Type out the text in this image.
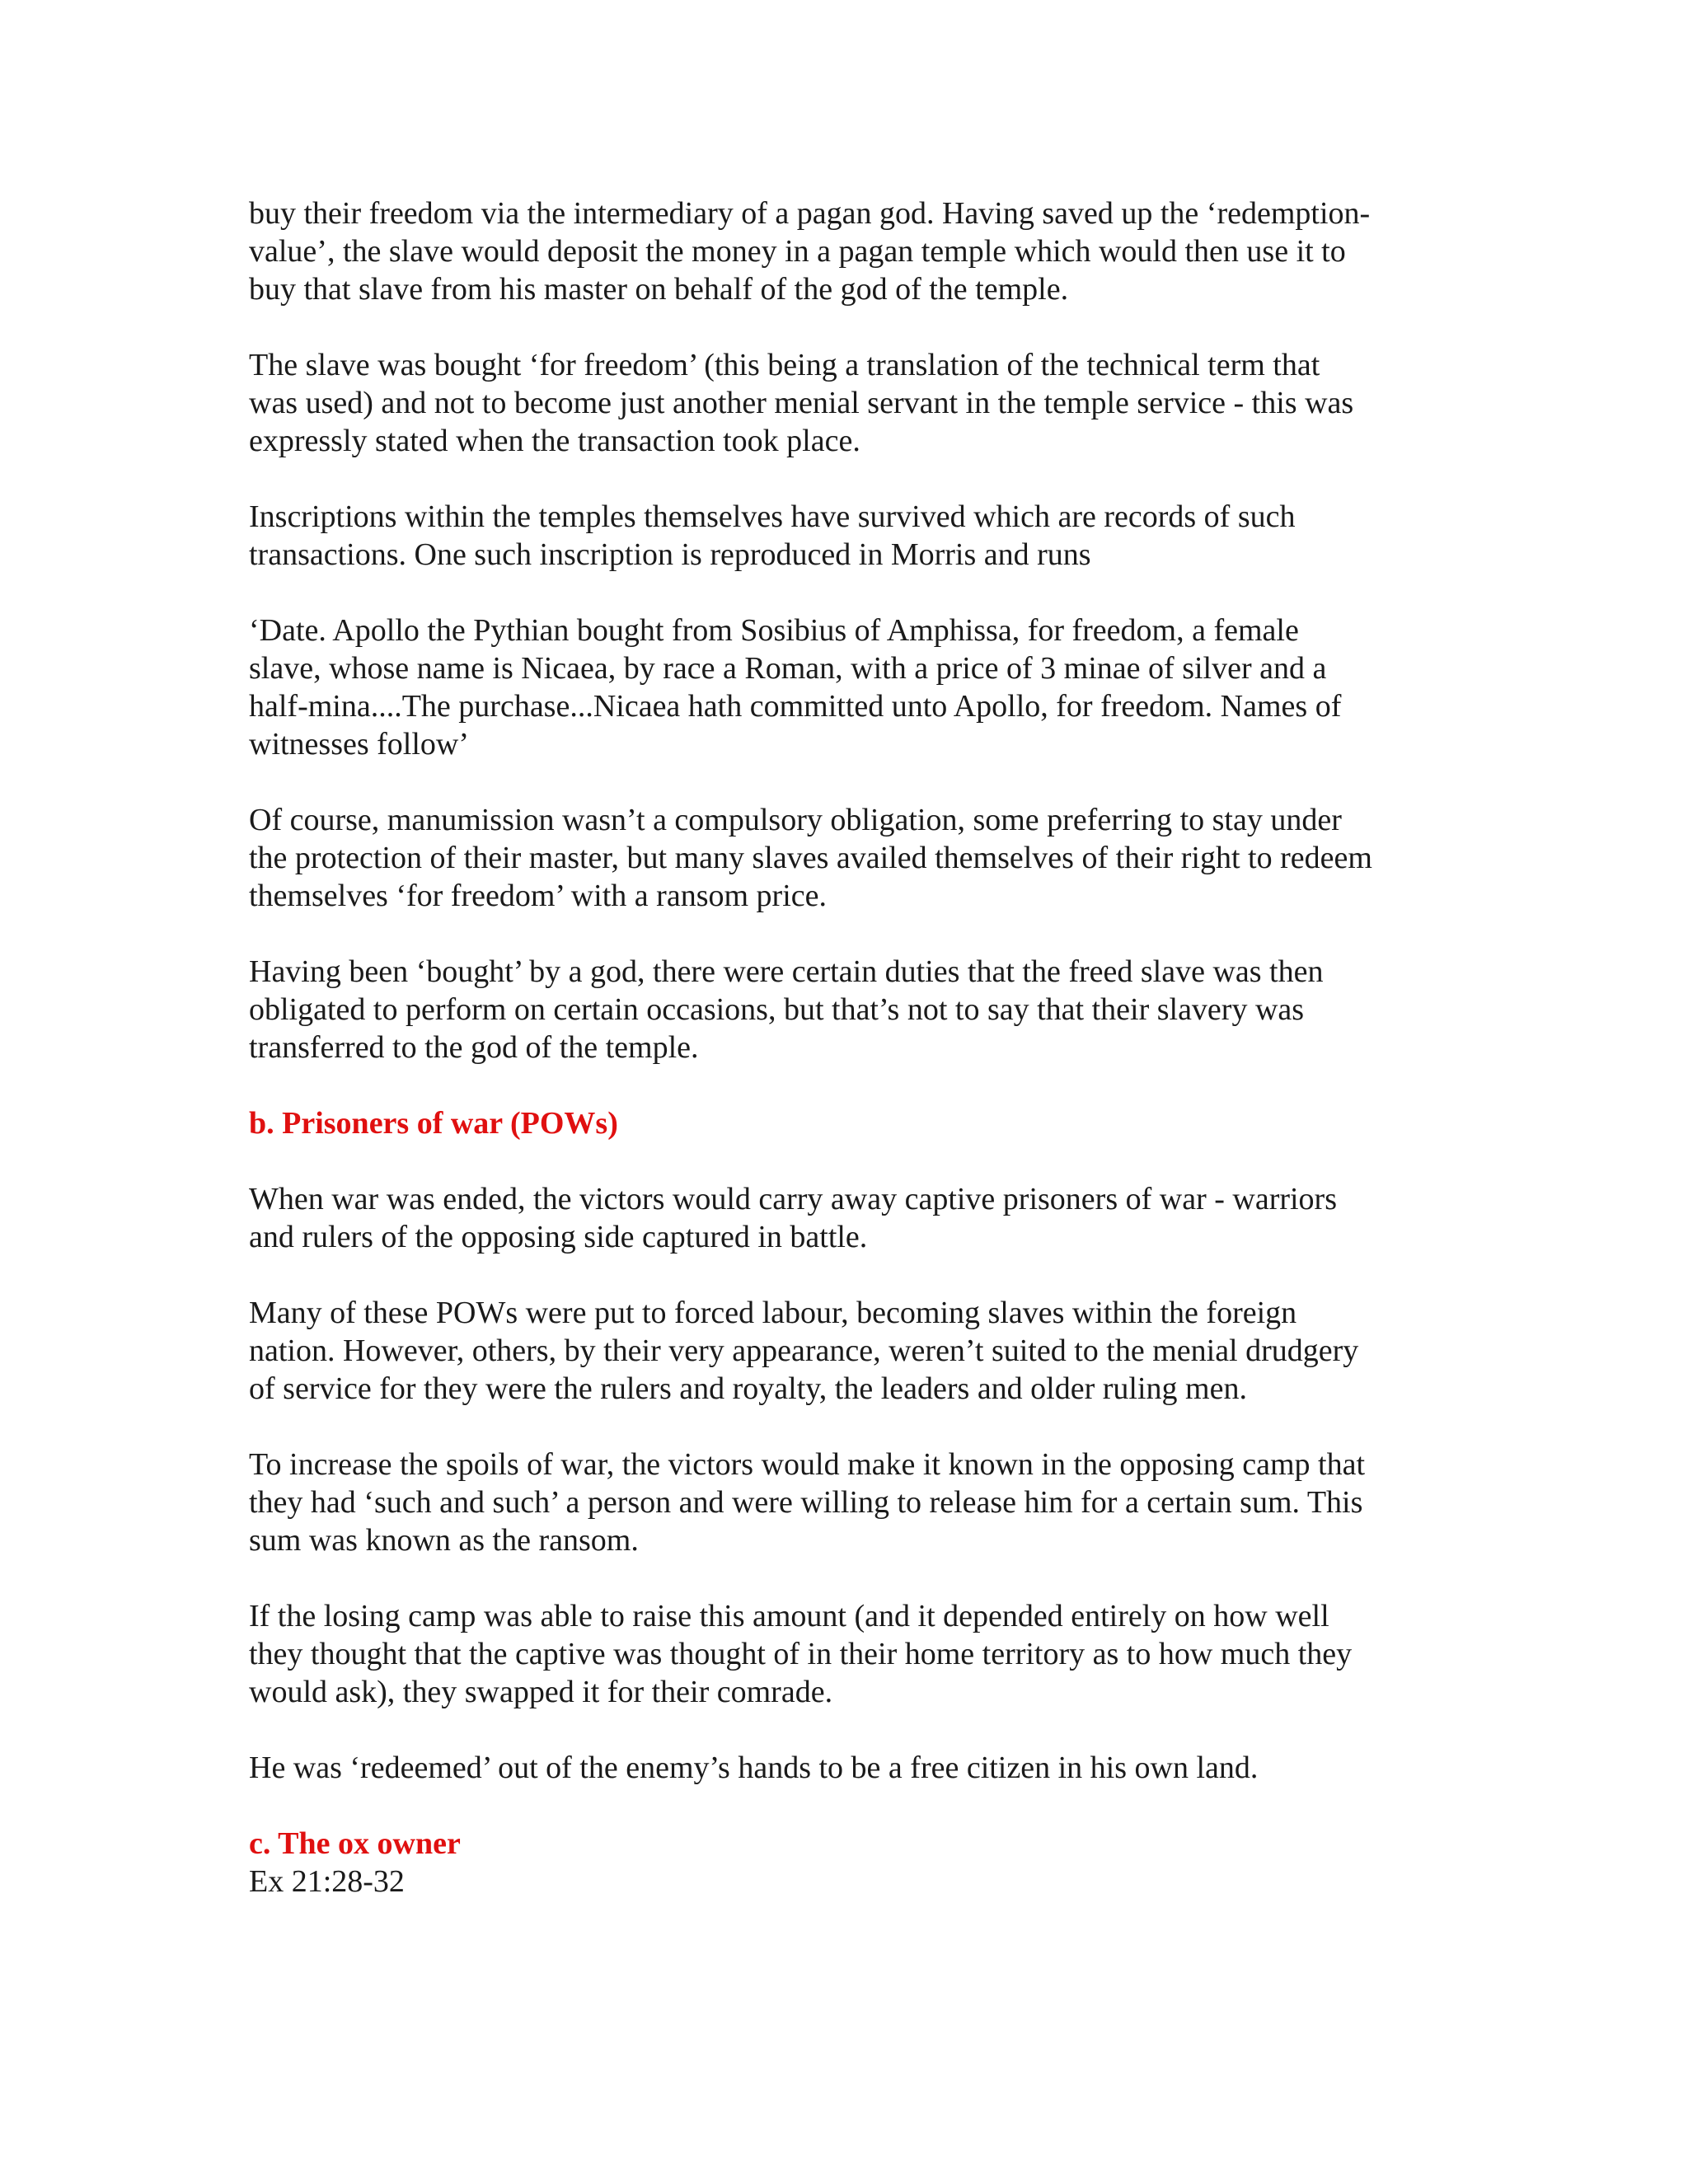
buy their freedom via the intermediary of a pagan god. Having saved up the ‘redemption-
value’, the slave would deposit the money in a pagan temple which would then use it to
buy that slave from his master on behalf of the god of the temple.

The slave was bought ‘for freedom’ (this being a translation of the technical term that
was used) and not to become just another menial servant in the temple service - this was
expressly stated when the transaction took place.

Inscriptions within the temples themselves have survived which are records of such
transactions. One such inscription is reproduced in Morris and runs

‘Date. Apollo the Pythian bought from Sosibius of Amphissa, for freedom, a female
slave, whose name is Nicaea, by race a Roman, with a price of 3 minae of silver and a
half-mina....The purchase...Nicaea hath committed unto Apollo, for freedom. Names of
witnesses follow’

Of course, manumission wasn’t a compulsory obligation, some preferring to stay under
the protection of their master, but many slaves availed themselves of their right to redeem
themselves ‘for freedom’ with a ransom price.

Having been ‘bought’ by a god, there were certain duties that the freed slave was then
obligated to perform on certain occasions, but that’s not to say that their slavery was
transferred to the god of the temple.

b. Prisoners of war (POWs)

When war was ended, the victors would carry away captive prisoners of war - warriors
and rulers of the opposing side captured in battle.

Many of these POWs were put to forced labour, becoming slaves within the foreign
nation. However, others, by their very appearance, weren’t suited to the menial drudgery
of service for they were the rulers and royalty, the leaders and older ruling men.

To increase the spoils of war, the victors would make it known in the opposing camp that
they had ‘such and such’ a person and were willing to release him for a certain sum. This
sum was known as the ransom.

If the losing camp was able to raise this amount (and it depended entirely on how well
they thought that the captive was thought of in their home territory as to how much they
would ask), they swapped it for their comrade.

He was ‘redeemed’ out of the enemy’s hands to be a free citizen in his own land.

c. The ox owner

Ex 21:28-32
